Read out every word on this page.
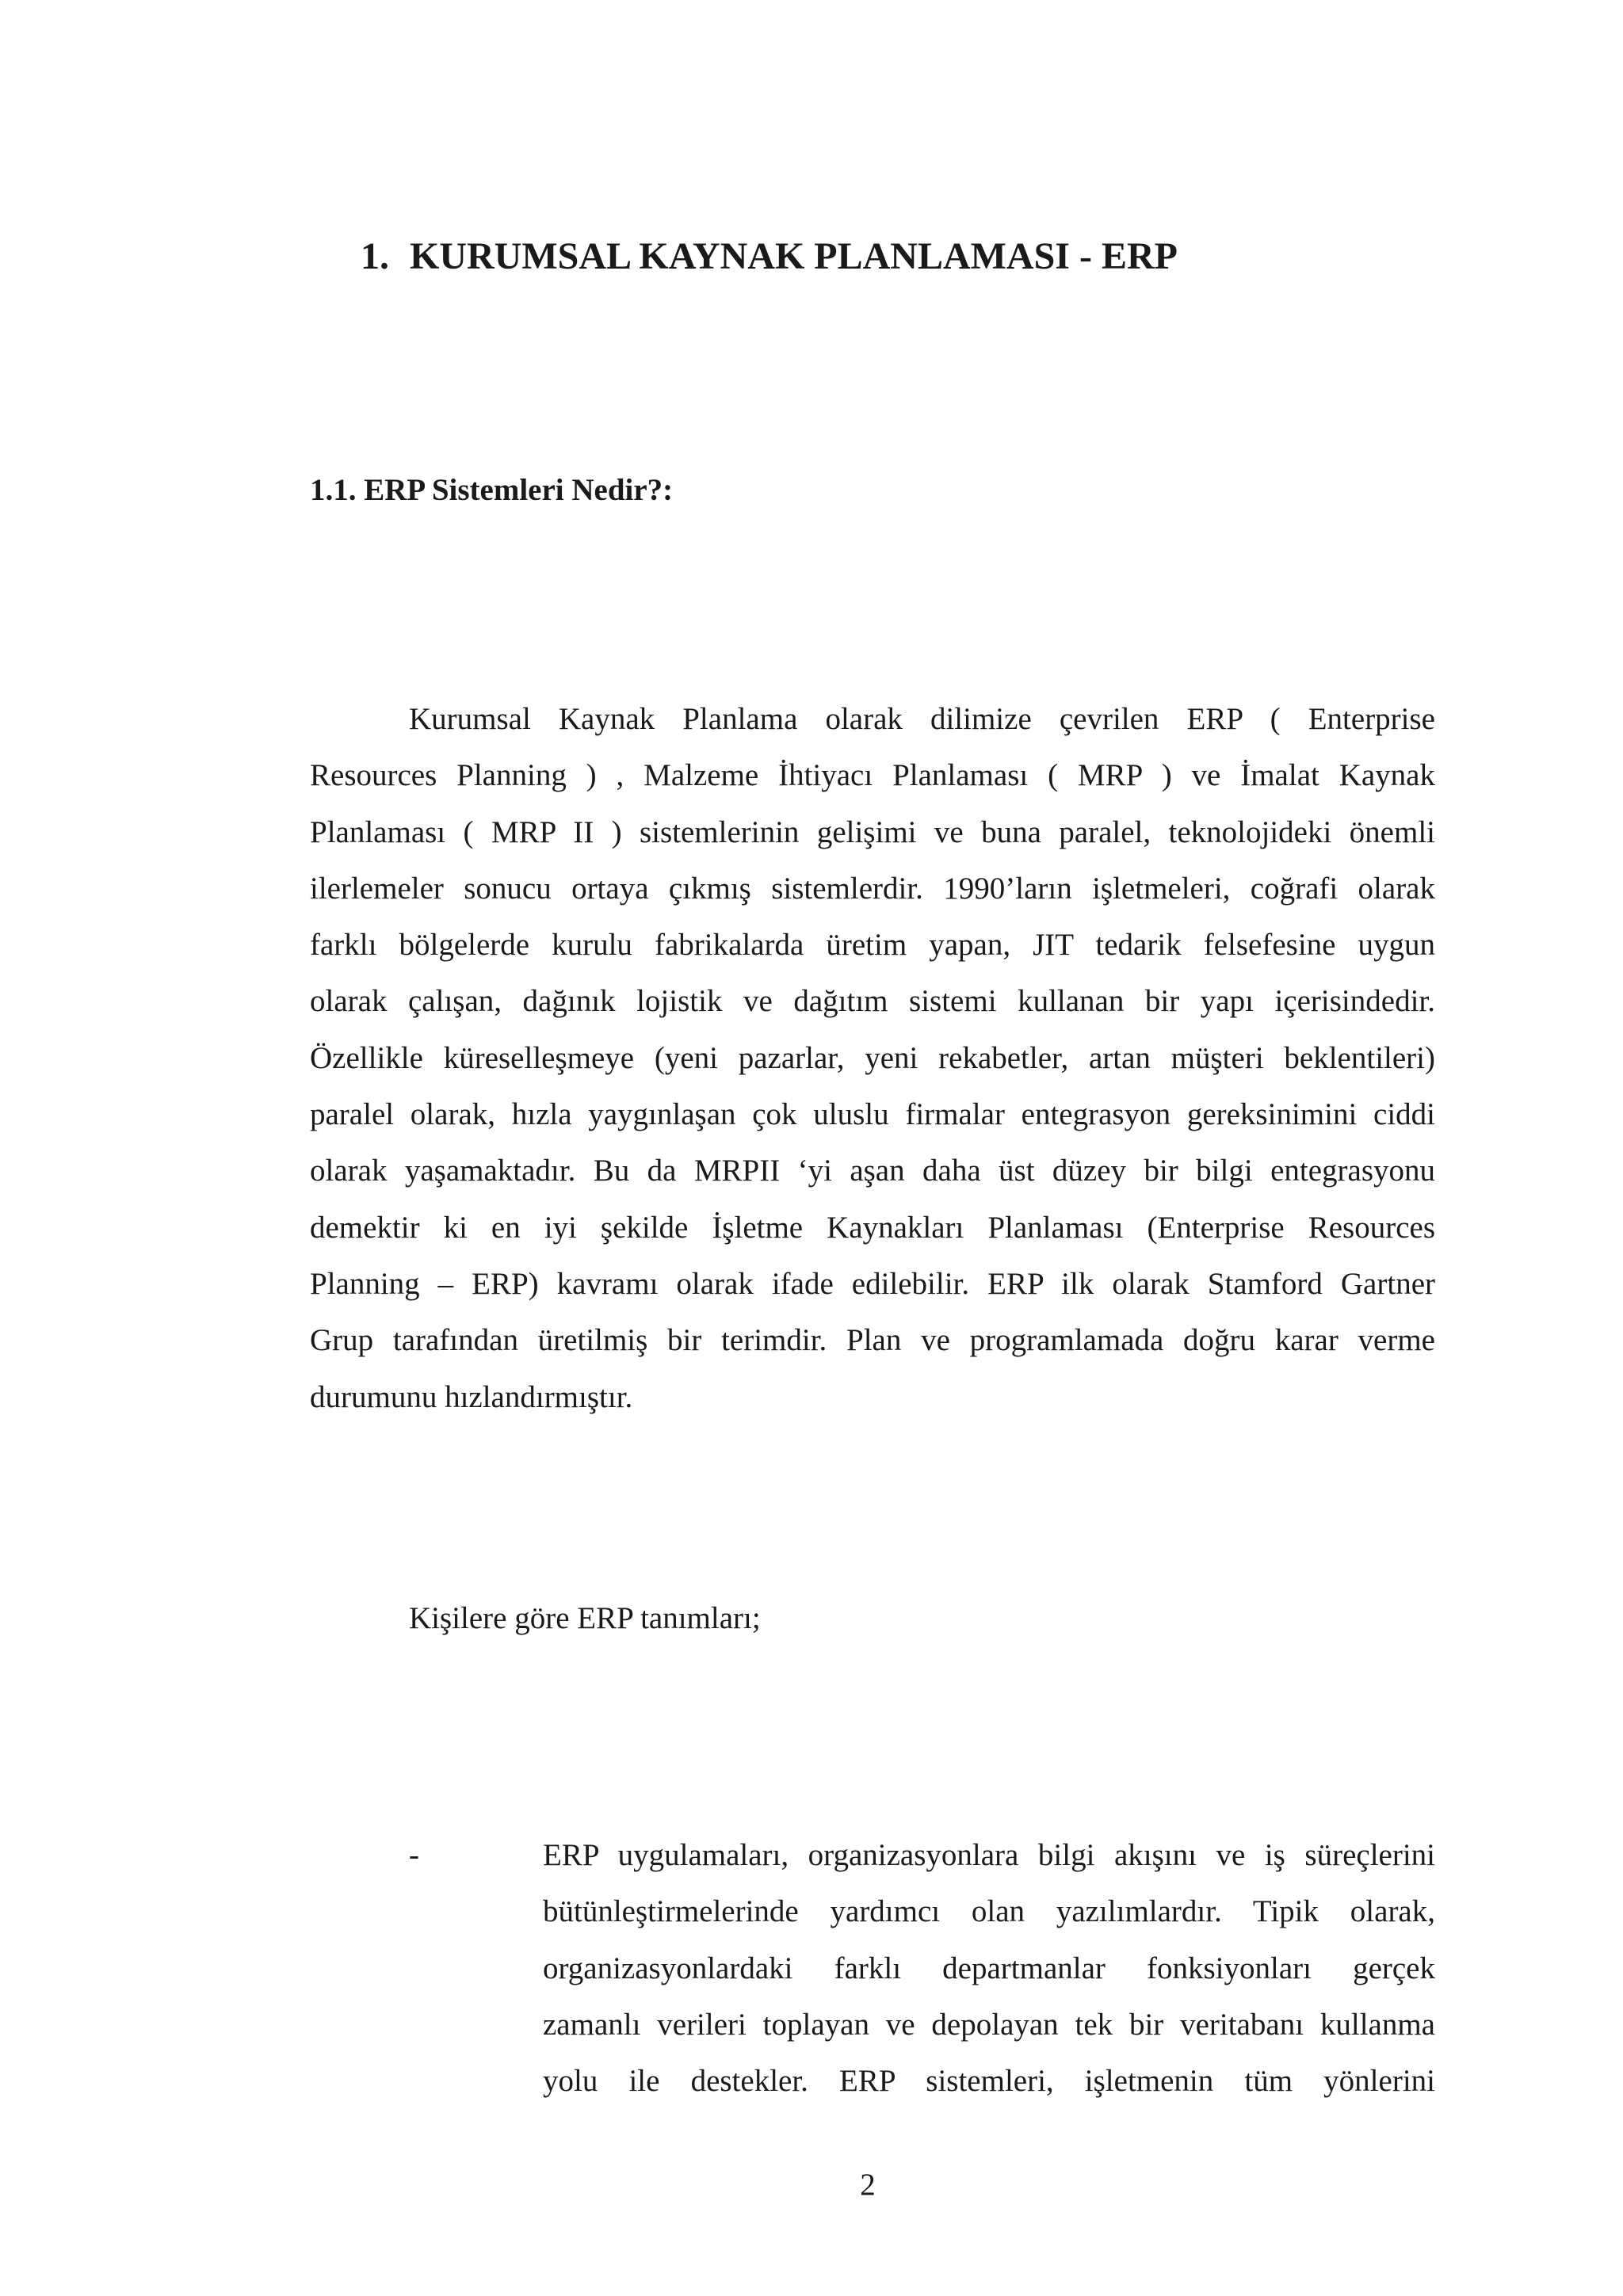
1. KURUMSAL KAYNAK PLANLAMASI - ERP
1.1. ERP Sistemleri Nedir?:
Kurumsal Kaynak Planlama olarak dilimize çevrilen ERP ( Enterprise
Resources Planning ) , Malzeme İhtiyacı Planlaması ( MRP ) ve İmalat Kaynak
Planlaması ( MRP II ) sistemlerinin gelişimi ve buna paralel, teknolojideki önemli
ilerlemeler sonucu ortaya çıkmış sistemlerdir. 1990’ların işletmeleri, coğrafi olarak
farklı bölgelerde kurulu fabrikalarda üretim yapan, JIT tedarik felsefesine uygun
olarak çalışan, dağınık lojistik ve dağıtım sistemi kullanan bir yapı içerisindedir.
Özellikle küreselleşmeye (yeni pazarlar, yeni rekabetler, artan müşteri beklentileri)
paralel olarak, hızla yaygınlaşan çok uluslu firmalar entegrasyon gereksinimini ciddi
olarak yaşamaktadır. Bu da MRPII ‘yi aşan daha üst düzey bir bilgi entegrasyonu
demektir ki en iyi şekilde İşletme Kaynakları Planlaması (Enterprise Resources
Planning – ERP) kavramı olarak ifade edilebilir. ERP ilk olarak Stamford Gartner
Grup tarafından üretilmiş bir terimdir. Plan ve programlamada doğru karar verme
durumunu hızlandırmıştır.

Kişilere göre ERP tanımları;

-	ERP uygulamaları, organizasyonlara bilgi akışını ve iş süreçlerini
bütünleştirmelerinde yardımcı olan yazılımlardır. Tipik olarak,
organizasyonlardaki farklı departmanlar fonksiyonları gerçek
zamanlı verileri toplayan ve depolayan tek bir veritabanı kullanma
yolu ile destekler. ERP sistemleri, işletmenin tüm yönlerini

2
